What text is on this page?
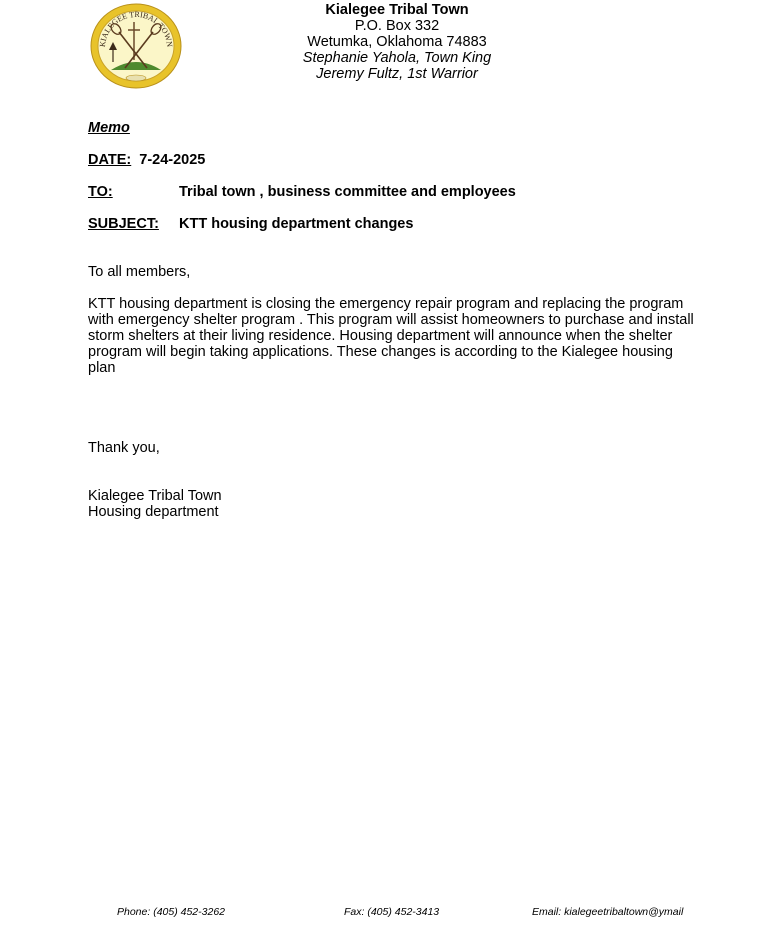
KIALEGEE TRIBAL TOWN
Kialegee Tribal Town
P.O. Box 332
Wetumka, Oklahoma 74883
Stephanie Yahola, Town King
Jeremy Fultz, 1st Warrior
Memo
DATE: 7-24-2025
TO:	Tribal town , business committee and employees
SUBJECT: KTT housing department changes
To all members,
KTT housing department is closing the emergency repair program and replacing the program with emergency shelter program . This program will assist homeowners to purchase and install storm shelters at their living residence. Housing department will announce when the shelter program will begin taking applications. These changes is according to the Kialegee housing plan
Thank you,
Kialegee Tribal Town
Housing department
Phone: (405) 452-3262	Fax: (405) 452-3413	Email: kialegeetribaltown@ymail
